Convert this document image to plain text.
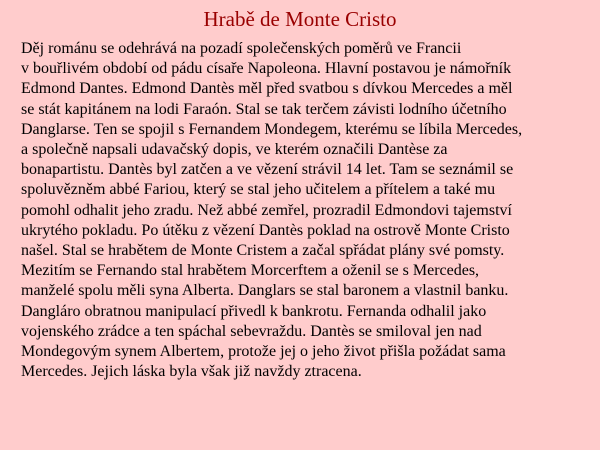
Hrabě de Monte Cristo
Děj románu se odehrává na pozadí společenských poměrů ve Francii
v bouřlivém období od pádu císaře Napoleona. Hlavní postavou je námořník
Edmond Dantes. Edmond Dantès měl před svatbou s dívkou Mercedes a měl
se stát kapitánem na lodi Faraón. Stal se tak terčem závisti lodního účetního
Danglarse. Ten se spojil s Fernandem Mondegem, kterému se líbila Mercedes,
a společně napsali udavačský dopis, ve kterém označili Dantèse za
bonapartistu. Dantès byl zatčen a ve vězení strávil 14 let. Tam se seznámil se
spoluvězněm abbé Fariou, který se stal jeho učitelem a přítelem a také mu
pomohl odhalit jeho zradu. Než abbé zemřel, prozradil Edmondovi tajemství
ukrytého pokladu. Po útěku z vězení Dantès poklad na ostrově Monte Cristo
našel. Stal se hrabětem de Monte Cristem a začal spřádat plány své pomsty.
Mezitím se Fernando stal hrabětem Morcerftem a oženil se s Mercedes,
manželé spolu měli syna Alberta. Danglars se stal baronem a vlastnil banku.
Dangláro obratnou manipulací přivedl k bankrotu. Fernanda odhalil jako
vojenského zrádce a ten spáchal sebevraždu. Dantès se smiloval jen nad
Mondegovým synem Albertem, protože jej o jeho život přišla požádat sama
Mercedes. Jejich láska byla však již navždy ztracena.
